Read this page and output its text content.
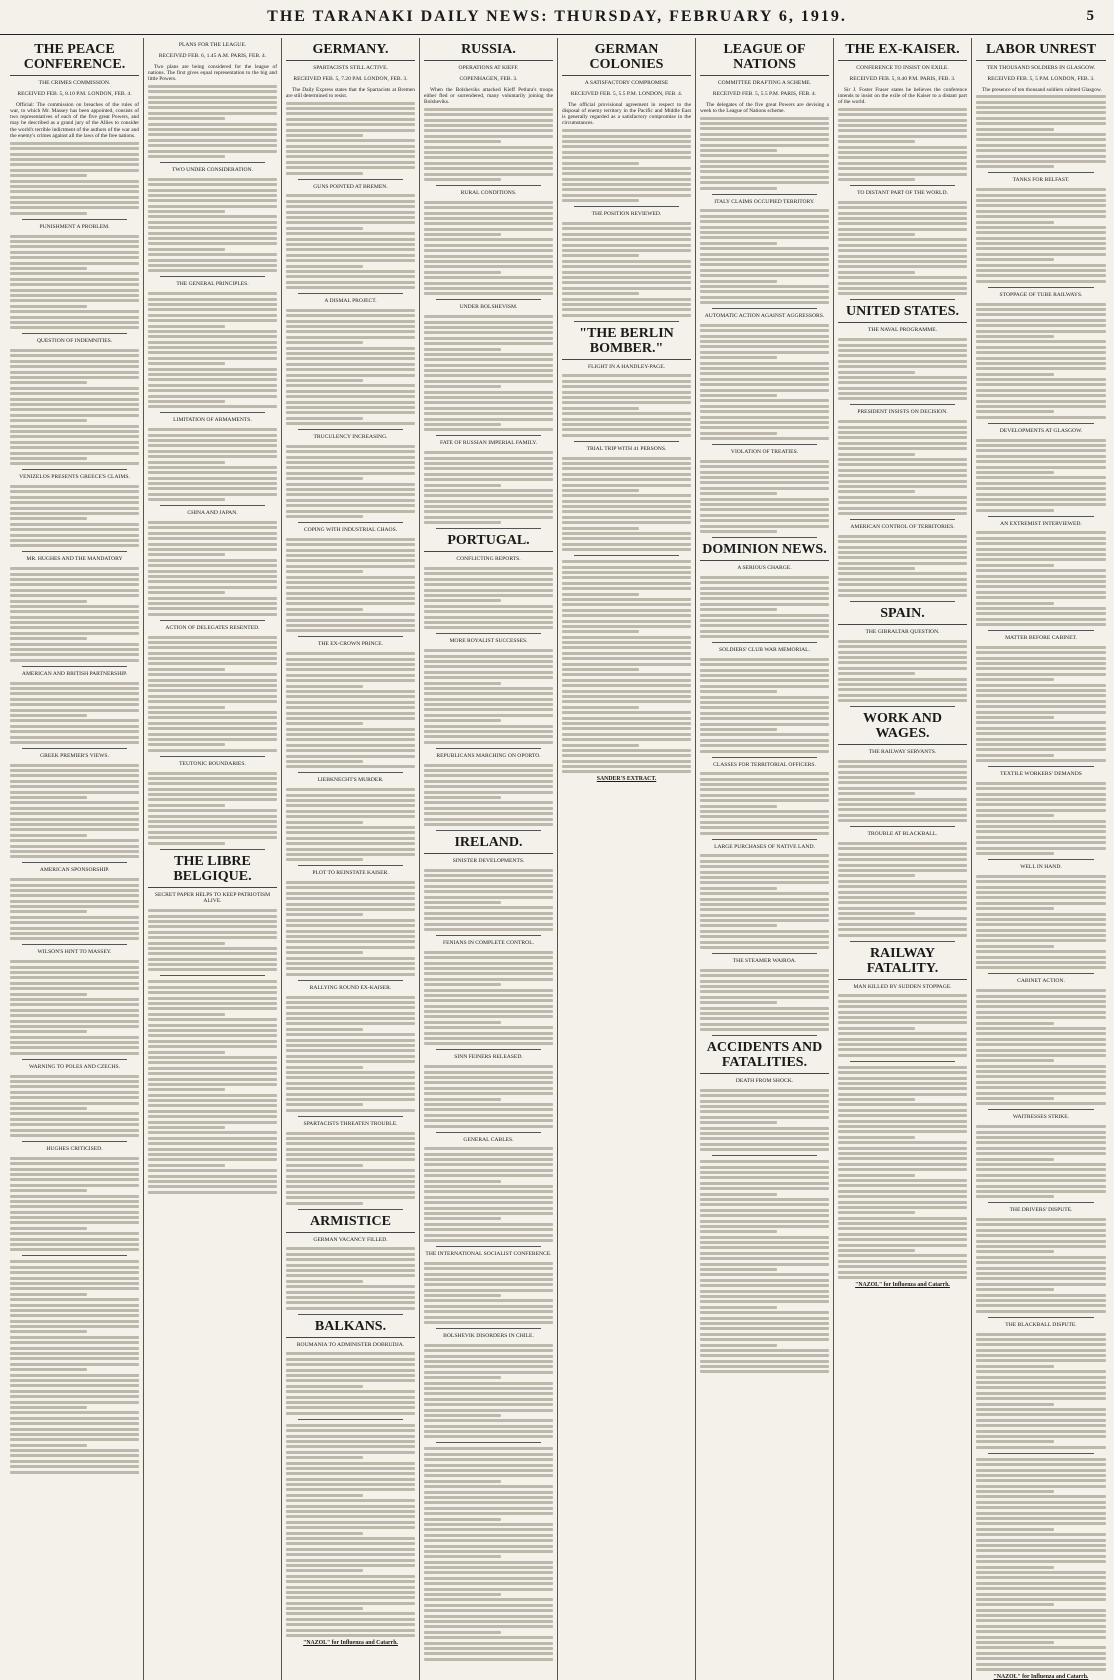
THE TARANAKI DAILY NEWS: THURSDAY, FEBRUARY 6, 1919.	5
THE PEACE CONFERENCE.
THE CRIMES COMMISSION.
RECEIVED FEB. 5, 8.10 P.M. LONDON, FEB. 4.

Official: The commission on breaches of the rules of war, to which Mr. Massey has been appointed, consists of two representatives of each of the five great Powers, and may be described as a grand jury of the Allies to consider the world's terrible indictment of the authors of the war and the enemy's crimes against all the laws of the free nations.

PUNISHMENT A PROBLEM.
QUESTION OF INDEMNITIES.
VENIZELOS PRESENTS GREECE'S CLAIMS.
MR. HUGHES AND THE MANDATORY
AMERICAN AND BRITISH PARTNERSHIP.
GREEK PREMIER'S VIEWS.
AMERICAN SPONSORSHIP.
WILSON'S HINT TO MASSEY.
WARNING TO POLES AND CZECHS.
HUGHES CRITICISED.
PLANS FOR THE LEAGUE.
RECEIVED FEB. 6, 1.45 A.M. PARIS, FEB. 4.

Two plans are being considered for the league of nations. The first gives equal representation to the big and little Powers.

TWO UNDER CONSIDERATION.
THE GENERAL PRINCIPLES.
LIMITATION OF ARMAMENTS.
CHINA AND JAPAN.
ACTION OF DELEGATES RESENTED.
TEUTONIC BOUNDARIES.
THE LIBRE BELGIQUE.
SECRET PAPER HELPS TO KEEP PATRIOTISM ALIVE.
GERMANY.
SPARTACISTS STILL ACTIVE.
RECEIVED FEB. 5, 7.20 P.M. LONDON, FEB. 3.

The Daily Express states that the Spartacists at Bremen are still determined to resist.

GUNS POINTED AT BREMEN.
A DISMAL PROJECT.
TRUCULENCY INCREASING.
COPING WITH INDUSTRIAL CHAOS.
THE EX-CROWN PRINCE.
LIEBKNECHT'S MURDER.
PLOT TO REINSTATE KAISER.
RALLYING ROUND EX-KAISER.
SPARTACISTS THREATEN TROUBLE.
ARMISTICE
GERMAN VACANCY FILLED.
BALKANS.
ROUMANIA TO ADMINISTER DOBRUDJA.
"NAZOL" for Influenza and Catarrh.
RUSSIA.
OPERATIONS AT KIEFF.
COPENHAGEN, FEB. 3.

When the Bolsheviks attacked Kieff Petlura's troops either fled or surrendered, many voluntarily joining the Bolsheviks.

RURAL CONDITIONS.
UNDER BOLSHEVISM.
FATE OF RUSSIAN IMPERIAL FAMILY.
PORTUGAL.
CONFLICTING REPORTS.
MORE ROYALIST SUCCESSES.
REPUBLICANS MARCHING ON OPORTO.
IRELAND.
SINISTER DEVELOPMENTS.
FENIANS IN COMPLETE CONTROL.
SINN FEINERS RELEASED.
GENERAL CABLES.
THE INTERNATIONAL SOCIALIST CONFERENCE.
BOLSHEVIK DISORDERS IN CHILE.
GERMAN COLONIES
A SATISFACTORY COMPROMISE
RECEIVED FEB. 5, 5.5 P.M. LONDON, FEB. 4.

The official provisional agreement in respect to the disposal of enemy territory in the Pacific and Middle East is generally regarded as a satisfactory compromise in the circumstances.

THE POSITION REVIEWED.
"THE BERLIN BOMBER."
FLIGHT IN A HANDLEY-PAGE.
TRIAL TRIP WITH 41 PERSONS.
SANDER'S EXTRACT.
LEAGUE OF NATIONS
COMMITTEE DRAFTING A SCHEME.
RECEIVED FEB. 5, 5.5 P.M. PARIS, FEB. 4.

The delegates of the five great Powers are devising a week to the League of Nations scheme.

ITALY CLAIMS OCCUPIED TERRITORY.
AUTOMATIC ACTION AGAINST AGGRESSORS.
VIOLATION OF TREATIES.
DOMINION NEWS.
A SERIOUS CHARGE.
SOLDIERS' CLUB WAR MEMORIAL.
CLASSES FOR TERRITORIAL OFFICERS.
LARGE PURCHASES OF NATIVE LAND.
THE STEAMER WAIROA.
ACCIDENTS AND FATALITIES.
DEATH FROM SHOCK.
THE EX-KAISER.
CONFERENCE TO INSIST ON EXILE.
RECEIVED FEB. 5, 8.40 P.M. PARIS, FEB. 3.

Sir J. Foster Fraser states he believes the conference intends to insist on the exile of the Kaiser to a distant part of the world.

TO DISTANT PART OF THE WORLD.
UNITED STATES.
THE NAVAL PROGRAMME.
PRESIDENT INSISTS ON DECISION.
AMERICAN CONTROL OF TERRITORIES.
SPAIN.
THE GIBRALTAR QUESTION.
WORK AND WAGES.
THE RAILWAY SERVANTS.
TROUBLE AT BLACKBALL.
RAILWAY FATALITY.
MAN KILLED BY SUDDEN STOPPAGE.
"NAZOL" for Influenza and Catarrh.
LABOR UNREST
TEN THOUSAND SOLDIERS IN GLASGOW.
RECEIVED FEB. 5, 5 P.M. LONDON, FEB. 3.

The presence of ten thousand soldiers calmed Glasgow.

TANKS FOR BELFAST.
STOPPAGE OF TUBE RAILWAYS.
DEVELOPMENTS AT GLASGOW.
AN EXTREMIST INTERVIEWED.
MATTER BEFORE CABINET.
TEXTILE WORKERS' DEMANDS
WELL IN HAND.
CABINET ACTION.
WAITRESSES STRIKE.
THE DRIVERS' DISPUTE.
THE BLACKBALL DISPUTE.
"NAZOL" for Influenza and Catarrh.
